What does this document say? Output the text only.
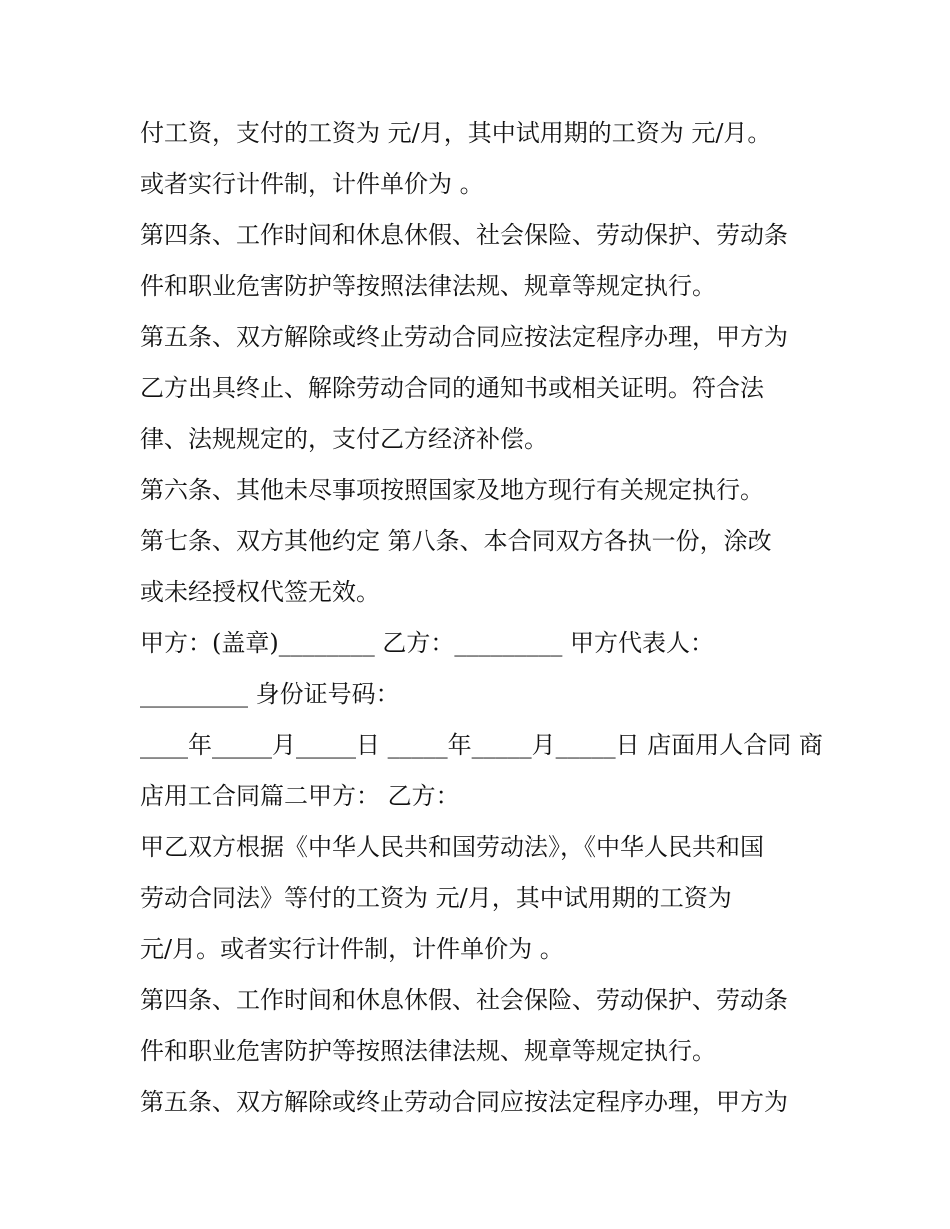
付工资，支付的工资为 元/月，其中试用期的工资为 元/月。

或者实行计件制，计件单价为 。

第四条、工作时间和休息休假、社会保险、劳动保护、劳动条

件和职业危害防护等按照法律法规、规章等规定执行。

第五条、双方解除或终止劳动合同应按法定程序办理，甲方为

乙方出具终止、解除劳动合同的通知书或相关证明。符合法

律、法规规定的，支付乙方经济补偿。

第六条、其他未尽事项按照国家及地方现行有关规定执行。

第七条、双方其他约定 第八条、本合同双方各执一份，涂改

或未经授权代签无效。

甲方：(盖章)________ 乙方：_________ 甲方代表人：

_________ 身份证号码：

____年_____月_____日 _____年_____月_____日 店面用人合同 商

店用工合同篇二甲方： 乙方：

甲乙双方根据《中华人民共和国劳动法》，《中华人民共和国

劳动合同法》等付的工资为 元/月，其中试用期的工资为

元/月。或者实行计件制，计件单价为 。

第四条、工作时间和休息休假、社会保险、劳动保护、劳动条

件和职业危害防护等按照法律法规、规章等规定执行。

第五条、双方解除或终止劳动合同应按法定程序办理，甲方为
